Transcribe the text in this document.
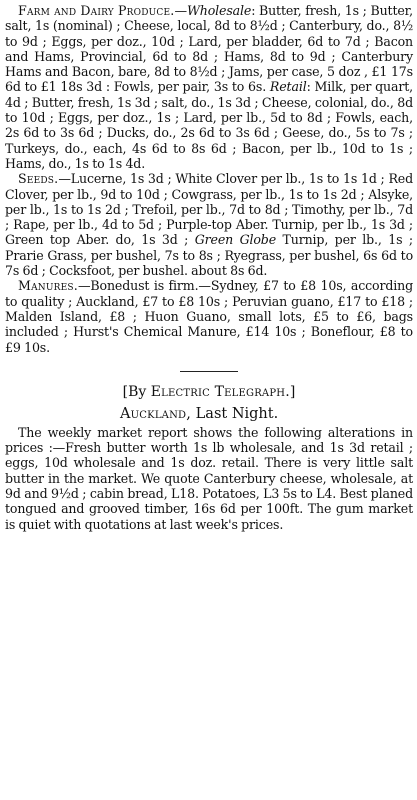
Farm and Dairy Produce.—Wholesale: Butter, fresh, 1s ; Butter, salt, 1s (nominal) ; Cheese, local, 8d to 8½d ; Canterbury, do., 8½ to 9d ; Eggs, per doz., 10d ; Lard, per bladder, 6d to 7d ; Bacon and Hams, Provincial, 6d to 8d ; Hams, 8d to 9d ; Canterbury Hams and Bacon, bare, 8d to 8½d ; Jams, per case, 5 doz , £1 17s 6d to £1 18s 3d : Fowls, per pair, 3s to 6s. Retail: Milk, per quart, 4d ; Butter, fresh, 1s 3d ; salt, do., 1s 3d ; Cheese, colonial, do., 8d to 10d ; Eggs, per doz., 1s ; Lard, per lb., 5d to 8d ; Fowls, each, 2s 6d to 3s 6d ; Ducks, do., 2s 6d to 3s 6d ; Geese, do., 5s to 7s ; Turkeys, do., each, 4s 6d to 8s 6d ; Bacon, per lb., 10d to 1s ; Hams, do., 1s to 1s 4d.

Seeds.—Lucerne, 1s 3d ; White Clover per lb., 1s to 1s 1d ; Red Clover, per lb., 9d to 10d ; Cowgrass, per lb., 1s to 1s 2d ; Alsyke, per lb., 1s to 1s 2d ; Trefoil, per lb., 7d to 8d ; Timothy, per lb., 7d ; Rape, per lb., 4d to 5d ; Purple-top Aber. Turnip, per lb., 1s 3d ; Green top Aber. do, 1s 3d ; Green Globe Turnip, per lb., 1s ; Prarie Grass, per bushel, 7s to 8s ; Ryegrass, per bushel, 6s 6d to 7s 6d ; Cocksfoot, per bushel. about 8s 6d.

Manures.—Bonedust is firm.—Sydney, £7 to £8 10s, according to quality ; Auckland, £7 to £8 10s ; Peruvian guano, £17 to £18 ; Malden Island, £8 ; Huon Guano, small lots, £5 to £6, bags included ; Hurst's Chemical Manure, £14 10s ; Boneflour, £8 to £9 10s.

[By Electric Telegraph.]
Auckland, Last Night.

The weekly market report shows the following alterations in prices :—Fresh butter worth 1s lb wholesale, and 1s 3d retail ; eggs, 10d wholesale and 1s doz. retail. There is very little salt butter in the market. We quote Canterbury cheese, wholesale, at 9d and 9½d ; cabin bread, L18. Potatoes, L3 5s to L4. Best planed tongued and grooved timber, 16s 6d per 100ft. The gum market is quiet with quotations at last week's prices.
